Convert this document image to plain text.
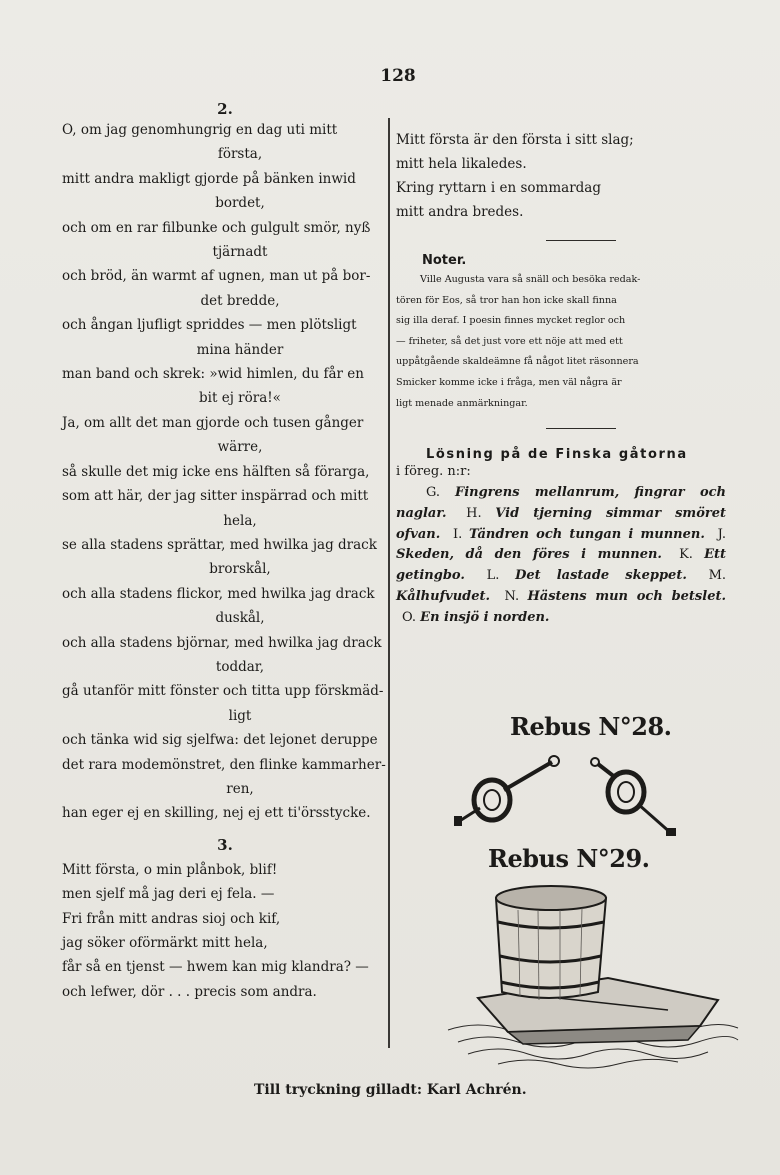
128

2.

O, om jag genomhungrig en dag uti mitt

första,

mitt andra makligt gjorde på bänken inwid

bordet,

och om en rar filbunke och gulgult smör, nyß

tjärnadt

och bröd, än warmt af ugnen, man ut på bor-

det bredde,

och ångan ljufligt spriddes — men plötsligt

mina händer

man band och skrek: »wid himlen, du får en

bit ej röra!«

Ja, om allt det man gjorde och tusen gånger

wärre,

så skulle det mig icke ens hälften så förarga,

som att här, der jag sitter inspärrad och mitt

hela,

se alla stadens sprättar, med hwilka jag drack

brorskål,

och alla stadens flickor, med hwilka jag drack

duskål,

och alla stadens björnar, med hwilka jag drack

toddar,

gå utanför mitt fönster och titta upp förskmäd-

ligt

och tänka wid sig sjelfwa: det lejonet deruppe

det rara modemönstret, den flinke kammarher-

ren,

han eger ej en skilling, nej ej ett ti'örsstycke.

3.

Mitt första, o min plånbok, blif!

men sjelf må jag deri ej fela. —

Fri från mitt andras sioj och kif,

jag söker oförmärkt mitt hela,

får så en tjenst — hwem kan mig klandra? —

och lefwer, dör . . . precis som andra.

Mitt första är den första i sitt slag;

mitt hela likaledes.

Kring ryttarn i en sommardag

mitt andra bredes.

Noter.

Ville Augusta vara så snäll och besöka redak-
tören för Eos, så tror han hon icke skall finna
sig illa deraf. I poesin finnes mycket reglor och
— friheter, så det just vore ett nöje att med ett
uppåtgående skaldeämne få något litet räsonnera
Smicker komme icke i fråga, men väl några är
ligt menade anmärkningar.

Lösning på de Finska gåtorna

i föreg. n:r:
G. Fingrens mellanrum, fingrar och naglar. H. Vid tjerning simmar smöret ofvan. I. Tändren och tungan i munnen. J. Skeden, då den föres i munnen. K. Ett getingbo. L. Det lastade skeppet. M. Kålhufvudet. N. Hästens mun och betslet. O. En insjö i norden.
Rebus N°28.
Rebus N°29.
Till tryckning gilladt: Karl Achrén.
